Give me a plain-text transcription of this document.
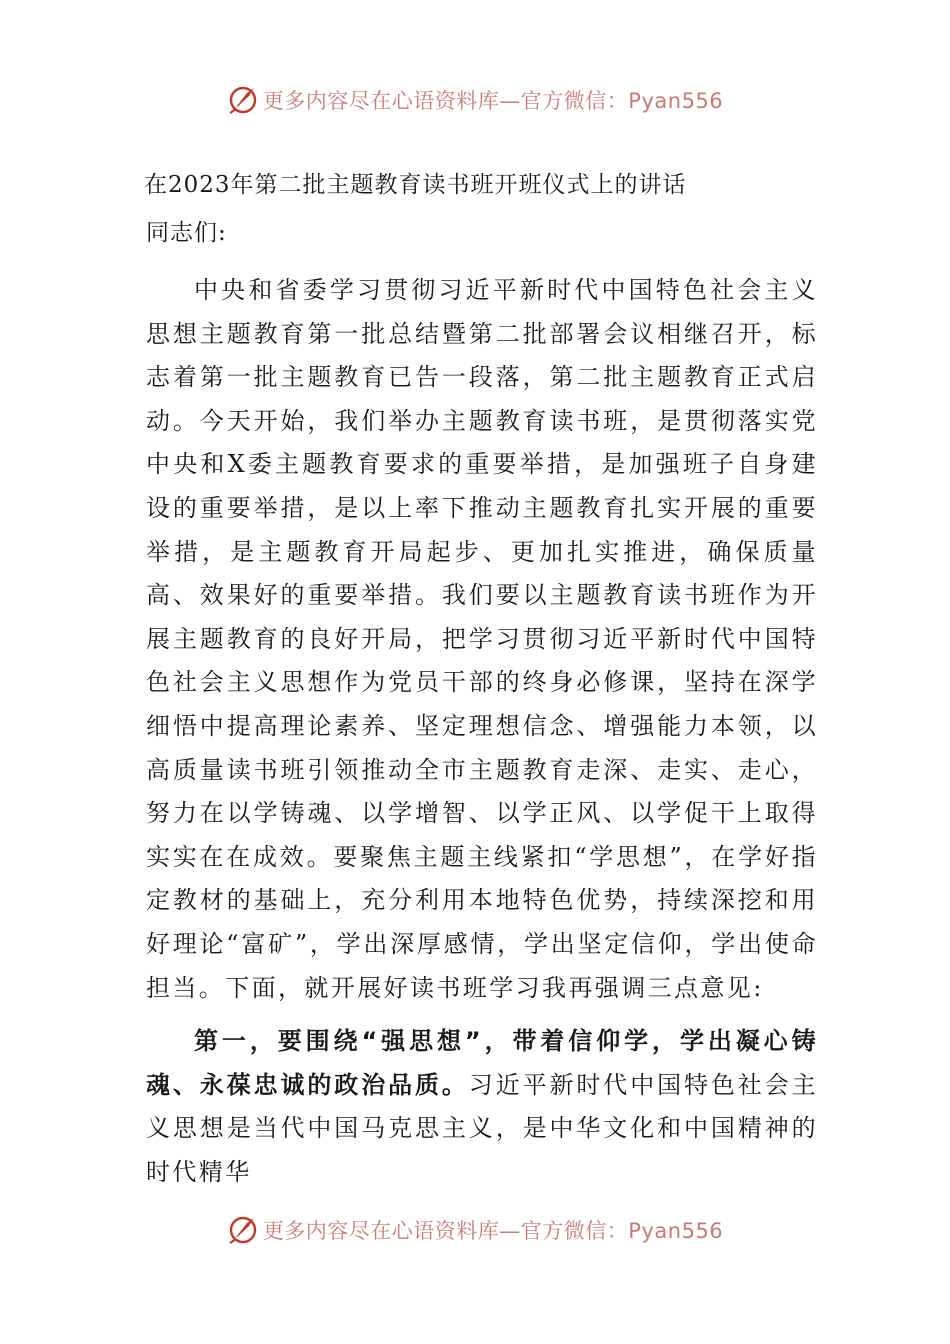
更多内容尽在心语资料库—官方微信：Pyan556
在2023年第二批主题教育读书班开班仪式上的讲话
同志们:

中央和省委学习贯彻习近平新时代中国特色社会主义思想主题教育第一批总结暨第二批部署会议相继召开，标志着第一批主题教育已告一段落，第二批主题教育正式启动。今天开始，我们举办主题教育读书班，是贯彻落实党中央和X委主题教育要求的重要举措，是加强班子自身建设的重要举措，是以上率下推动主题教育扎实开展的重要举措，是主题教育开局起步、更加扎实推进，确保质量高、效果好的重要举措。我们要以主题教育读书班作为开展主题教育的良好开局，把学习贯彻习近平新时代中国特色社会主义思想作为党员干部的终身必修课，坚持在深学细悟中提高理论素养、坚定理想信念、增强能力本领，以高质量读书班引领推动全市主题教育走深、走实、走心，努力在以学铸魂、以学增智、以学正风、以学促干上取得实实在在成效。要聚焦主题主线紧扣“学思想”，在学好指定教材的基础上，充分利用本地特色优势，持续深挖和用好理论“富矿”，学出深厚感情，学出坚定信仰，学出使命担当。下面，就开展好读书班学习我再强调三点意见:

第一，要围绕“强思想”，带着信仰学，学出凝心铸魂、永葆忠诚的政治品质。习近平新时代中国特色社会主义思想是当代中国马克思主义，是中华文化和中国精神的时代精华

更多内容尽在心语资料库—官方微信：Pyan556
